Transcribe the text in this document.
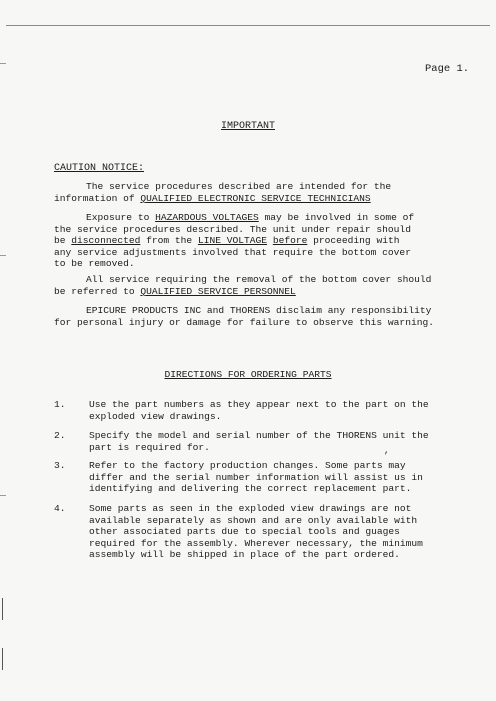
Page 1.
IMPORTANT
CAUTION NOTICE:
The service procedures described are intended for the
information of QUALIFIED ELECTRONIC SERVICE TECHNICIANS
Exposure to HAZARDOUS VOLTAGES may be involved in some of
the service procedures described. The unit under repair should
be disconnected from the LINE VOLTAGE before proceeding with
any service adjustments involved that require the bottom cover
to be removed.
All service requiring the removal of the bottom cover should
be referred to QUALIFIED SERVICE PERSONNEL
EPICURE PRODUCTS INC and THORENS disclaim any responsibility
for personal injury or damage for failure to observe this warning.
DIRECTIONS FOR ORDERING PARTS
1. Use the part numbers as they appear next to the part on the
exploded view drawings.
2. Specify the model and serial number of the THORENS unit the
part is required for.	,
3. Refer to the factory production changes. Some parts may
differ and the serial number information will assist us in
identifying and delivering the correct replacement part.
4. Some parts as seen in the exploded view drawings are not
available separately as shown and are only available with
other associated parts due to special tools and guages
required for the assembly. Wherever necessary, the minimum
assembly will be shipped in place of the part ordered.
